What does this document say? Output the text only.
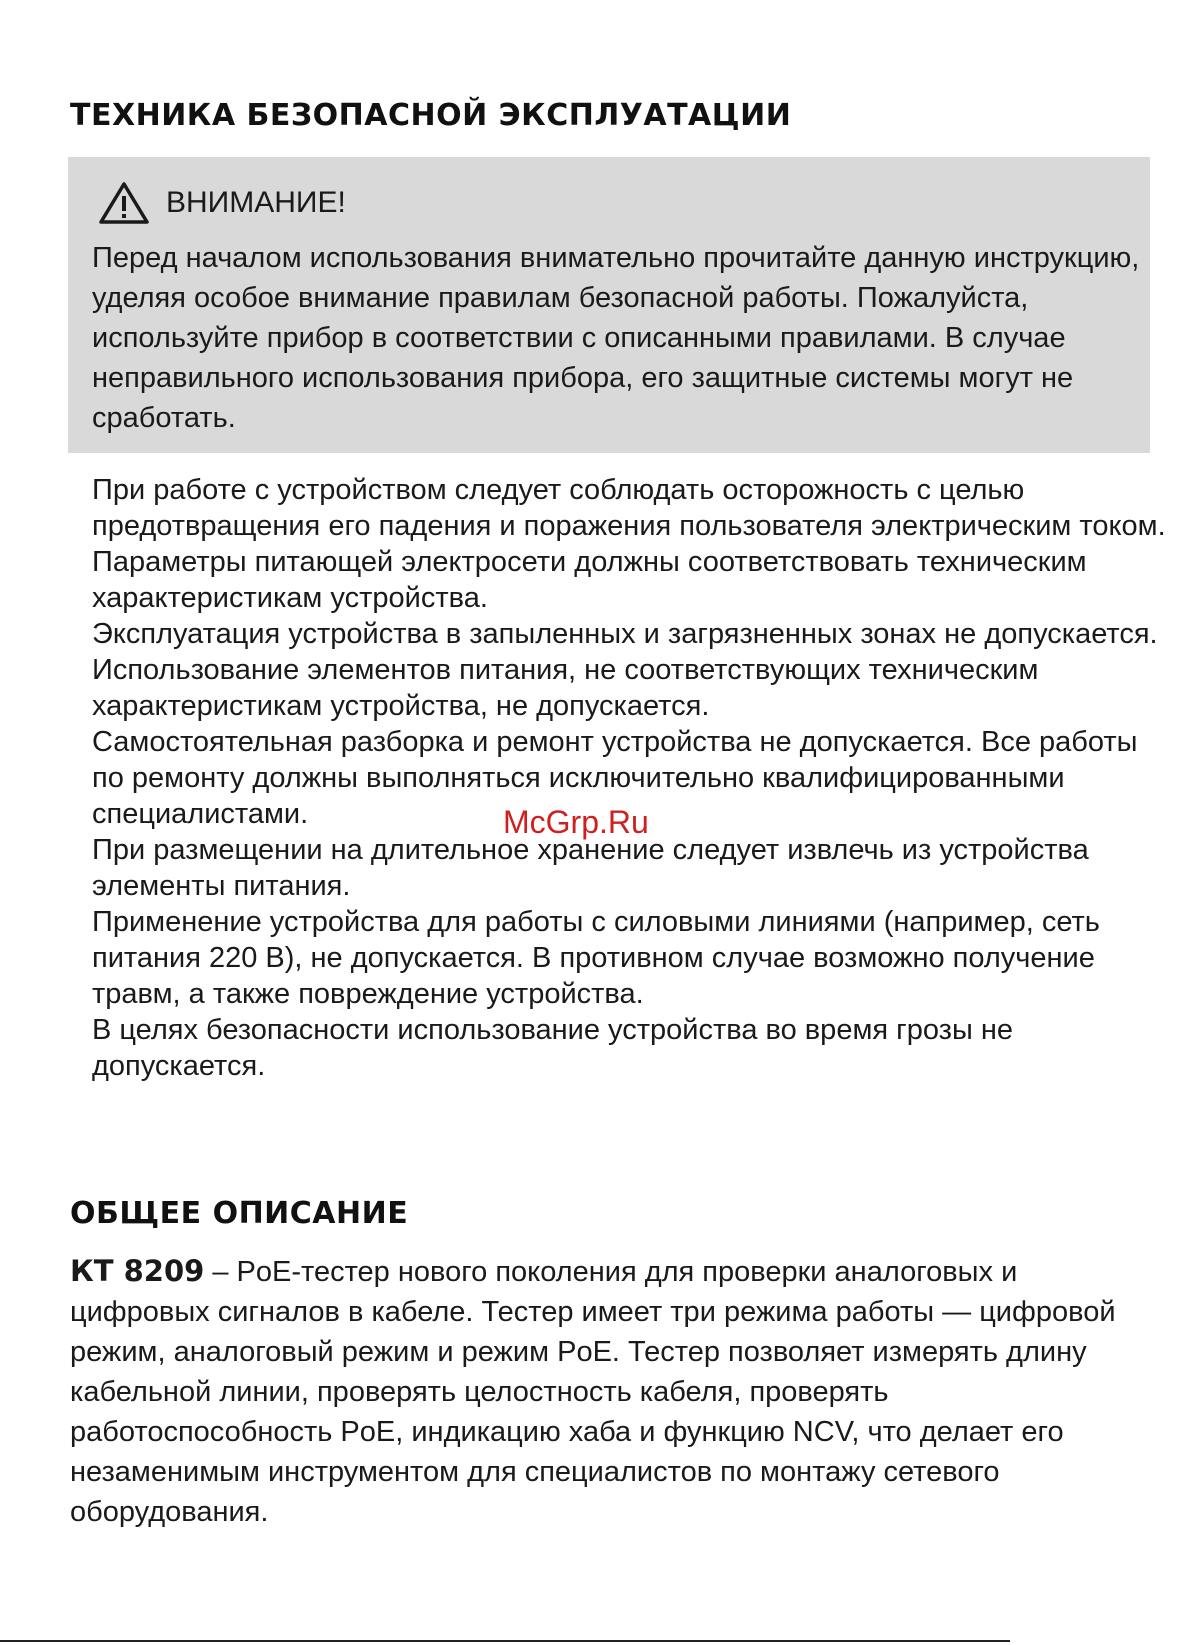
ТЕХНИКА БЕЗОПАСНОЙ ЭКСПЛУАТАЦИИ
ВНИМАНИЕ!

Перед началом использования внимательно прочитайте данную инструкцию, уделяя особое внимание правилам безопасной работы. Пожалуйста, используйте прибор в соответствии с описанными правилами. В случае неправильного использования прибора, его защитные системы могут не сработать.

При работе с устройством следует соблюдать осторожность с целью предотвращения его падения и поражения пользователя электрическим током.
Параметры питающей электросети должны соответствовать техническим характеристикам устройства.
Эксплуатация устройства в запыленных и загрязненных зонах не допускается.
Использование элементов питания, не соответствующих техническим характеристикам устройства, не допускается.
Самостоятельная разборка и ремонт устройства не допускается. Все работы по ремонту должны выполняться исключительно квалифицированными специалистами.
При размещении на длительное хранение следует извлечь из устройства элементы питания.
Применение устройства для работы с силовыми линиями (например, сеть питания 220 В), не допускается. В противном случае возможно получение травм, а также повреждение устройства.
В целях безопасности использование устройства во время грозы не допускается.
ОБЩЕЕ ОПИСАНИЕ

КТ 8209 – PoE-тестер нового поколения для проверки аналоговых и цифровых сигналов в кабеле. Тестер имеет три режима работы — цифровой режим, аналоговый режим и режим PoE. Тестер позволяет измерять длину кабельной линии, проверять целостность кабеля, проверять работоспособность PoE, индикацию хаба и функцию NCV, что делает его незаменимым инструментом для специалистов по монтажу сетевого оборудования.

McGrp.Ru
